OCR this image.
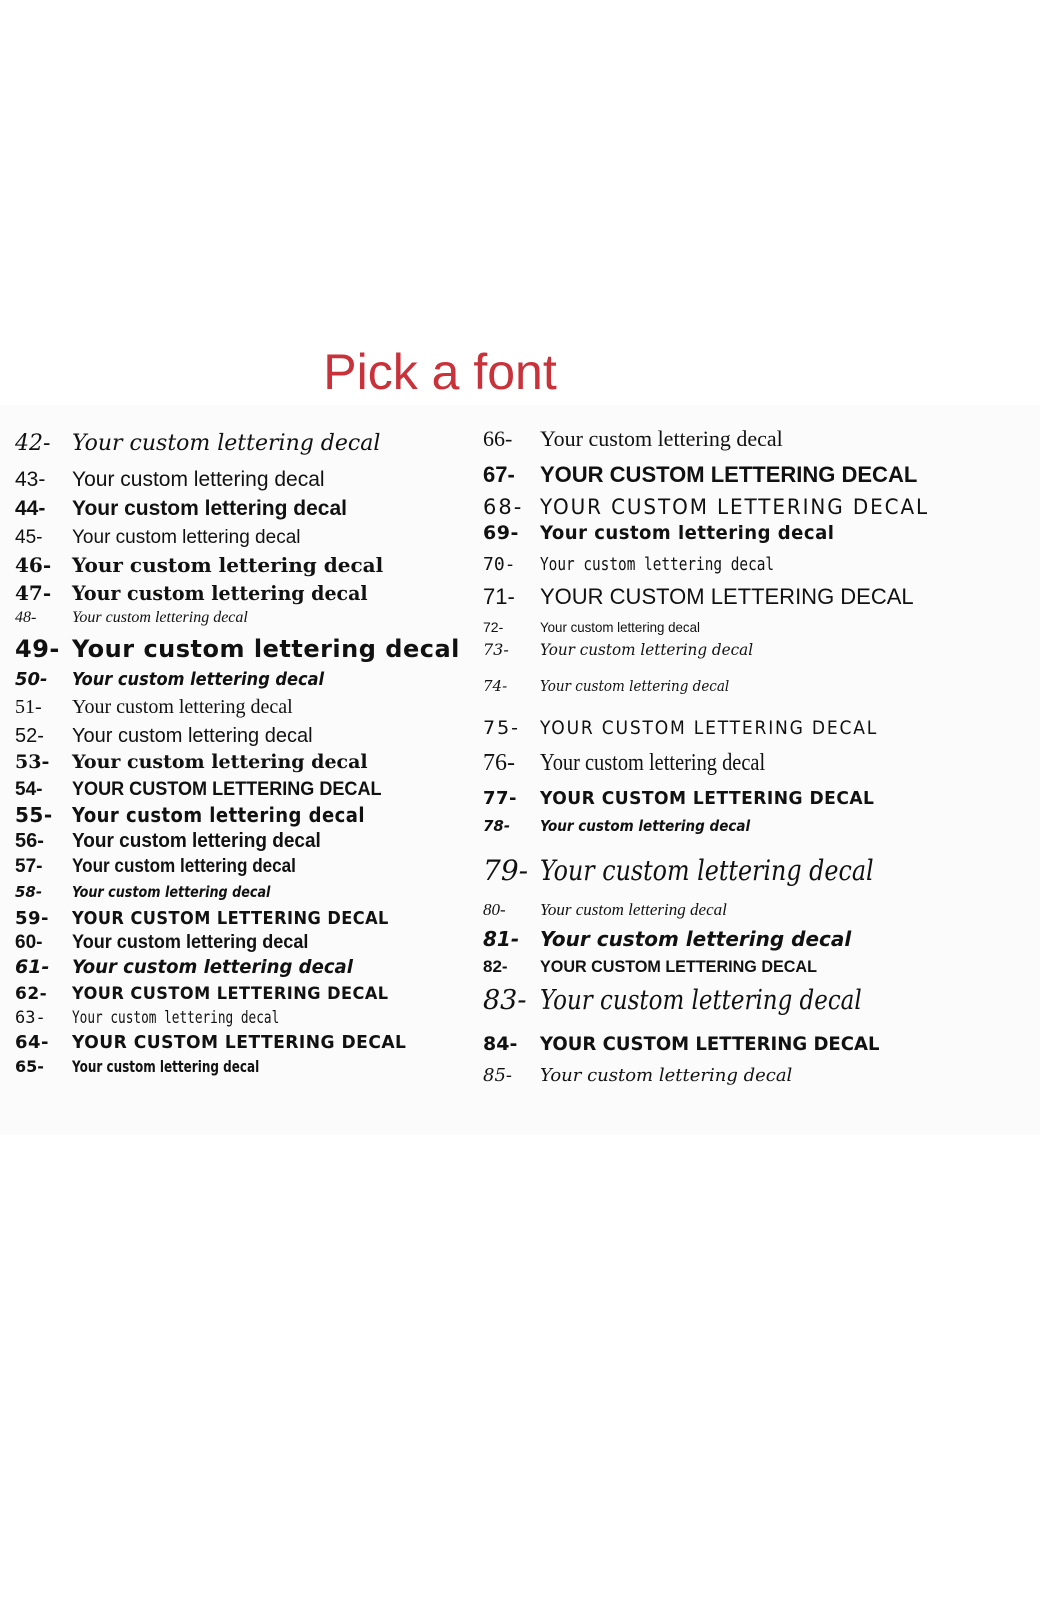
Pick a font
42- Your custom lettering decal
43- Your custom lettering decal
44- Your custom lettering decal
45- Your custom lettering decal
46- Your custom lettering decal
47- Your custom lettering decal
48- Your custom lettering decal
49- Your custom lettering decal
50- Your custom lettering decal
51- Your custom lettering decal
52- Your custom lettering decal
53- Your custom lettering decal
54- YOUR CUSTOM LETTERING DECAL
55- Your custom lettering decal
56- Your custom lettering decal
57- Your custom lettering decal
58- Your custom lettering decal
59- YOUR CUSTOM LETTERING DECAL
60- Your custom lettering decal
61- Your custom lettering decal
62- YOUR CUSTOM LETTERING DECAL
63- Your custom lettering decal
64- YOUR CUSTOM LETTERING DECAL
65- Your custom lettering decal
66- Your custom lettering decal
67- YOUR CUSTOM LETTERING DECAL
68- YOUR CUSTOM LETTERING DECAL
69- Your custom lettering decal
70- Your custom lettering decal
71- YOUR CUSTOM LETTERING DECAL
72-	Your custom lettering decal
73- Your custom lettering decal
74- Your custom lettering decal
75- YOUR CUSTOM LETTERING DECAL
76- Your custom lettering decal
77- YOUR CUSTOM LETTERING DECAL
78- Your custom lettering decal
79- Your custom lettering decal
80- Your custom lettering decal
81- Your custom lettering decal
82- YOUR CUSTOM LETTERING DECAL
83- Your custom lettering decal
84- YOUR CUSTOM LETTERING DECAL
85- Your custom lettering decal
